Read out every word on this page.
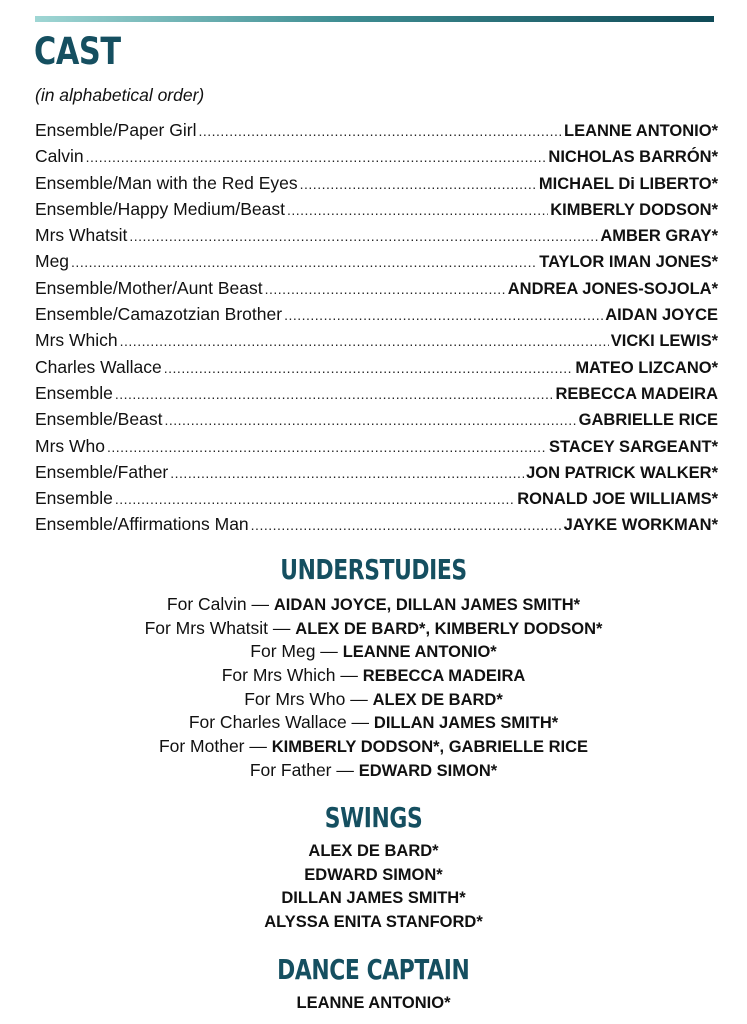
CAST
(in alphabetical order)
Ensemble/Paper Girl .....	LEANNE ANTONIO*
Calvin .....	NICHOLAS BARRÓN*
Ensemble/Man with the Red Eyes .....	MICHAEL Di LIBERTO*
Ensemble/Happy Medium/Beast .....	KIMBERLY DODSON*
Mrs Whatsit .....	AMBER GRAY*
Meg .....	TAYLOR IMAN JONES*
Ensemble/Mother/Aunt Beast .....	ANDREA JONES-SOJOLA*
Ensemble/Camazotzian Brother .....	AIDAN JOYCE
Mrs Which .....	VICKI LEWIS*
Charles Wallace .....	MATEO LIZCANO*
Ensemble .....	REBECCA MADEIRA
Ensemble/Beast .....	GABRIELLE RICE
Mrs Who .....	STACEY SARGEANT*
Ensemble/Father .....	JON PATRICK WALKER*
Ensemble .....	RONALD JOE WILLIAMS*
Ensemble/Affirmations Man .....	JAYKE WORKMAN*
UNDERSTUDIES
For Calvin — AIDAN JOYCE, DILLAN JAMES SMITH*
For Mrs Whatsit — ALEX DE BARD*, KIMBERLY DODSON*
For Meg — LEANNE ANTONIO*
For Mrs Which — REBECCA MADEIRA
For Mrs Who — ALEX DE BARD*
For Charles Wallace — DILLAN JAMES SMITH*
For Mother — KIMBERLY DODSON*, GABRIELLE RICE
For Father — EDWARD SIMON*
SWINGS
ALEX DE BARD*
EDWARD SIMON*
DILLAN JAMES SMITH*
ALYSSA ENITA STANFORD*
DANCE CAPTAIN
LEANNE ANTONIO*
